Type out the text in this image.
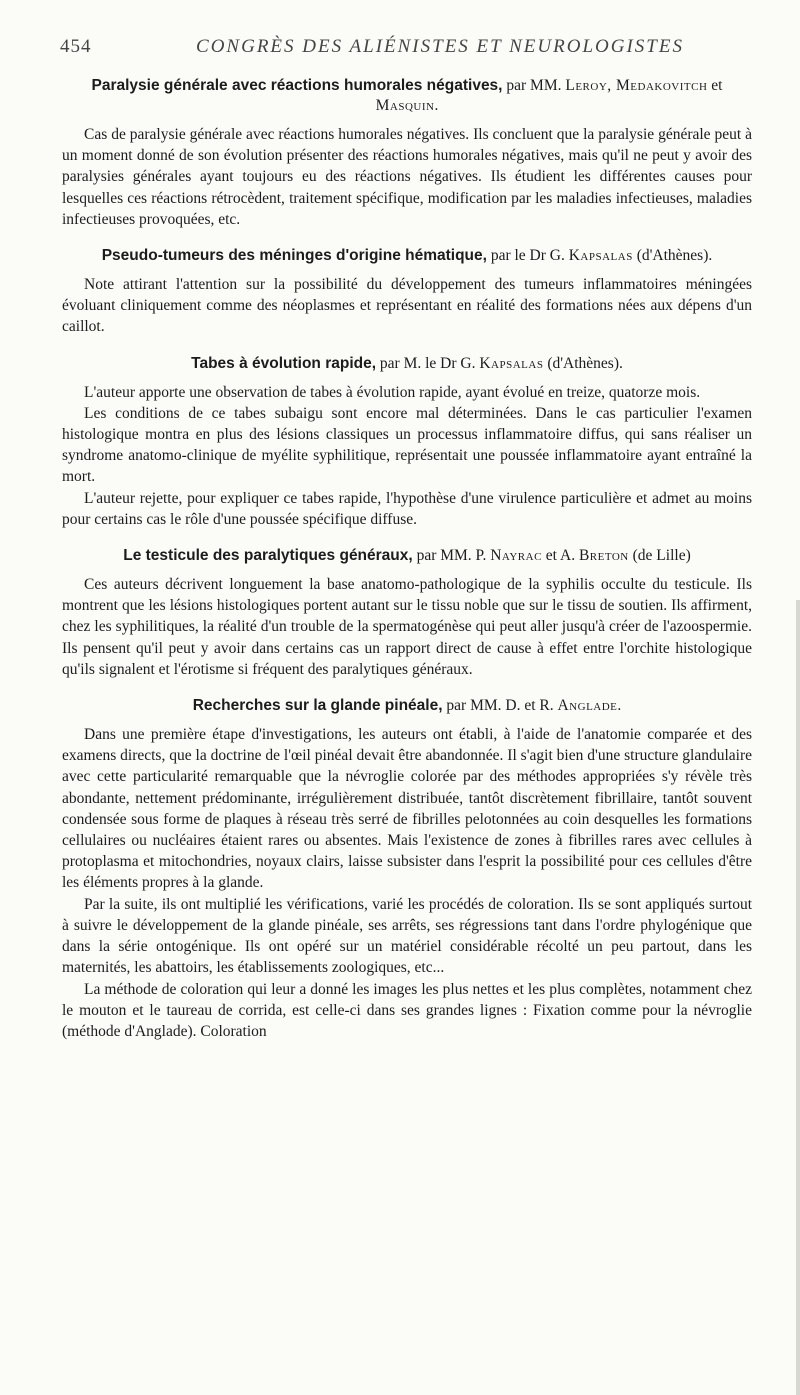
454	CONGRÈS DES ALIÉNISTES ET NEUROLOGISTES

Paralysie générale avec réactions humorales négatives, par MM. Leroy, Medakovitch et Masquin.

Cas de paralysie générale avec réactions humorales négatives. Ils concluent que la paralysie générale peut à un moment donné de son évolution présenter des réactions humorales négatives, mais qu'il ne peut y avoir des paralysies générales ayant toujours eu des réactions négatives. Ils étudient les différentes causes pour lesquelles ces réactions rétrocèdent, traitement spécifique, modification par les maladies infectieuses, maladies infectieuses provoquées, etc.

Pseudo-tumeurs des méninges d'origine hématique, par le Dr G. Kapsalas (d'Athènes).

Note attirant l'attention sur la possibilité du développement des tumeurs inflammatoires méningées évoluant cliniquement comme des néoplasmes et représentant en réalité des formations nées aux dépens d'un caillot.

Tabes à évolution rapide, par M. le Dr G. Kapsalas (d'Athènes).

L'auteur apporte une observation de tabes à évolution rapide, ayant évolué en treize, quatorze mois.

Les conditions de ce tabes subaigu sont encore mal déterminées. Dans le cas particulier l'examen histologique montra en plus des lésions classiques un processus inflammatoire diffus, qui sans réaliser un syndrome anatomo-clinique de myélite syphilitique, représentait une poussée inflammatoire ayant entraîné la mort.

L'auteur rejette, pour expliquer ce tabes rapide, l'hypothèse d'une virulence particulière et admet au moins pour certains cas le rôle d'une poussée spécifique diffuse.

Le testicule des paralytiques généraux, par MM. P. Nayrac et A. Breton (de Lille)

Ces auteurs décrivent longuement la base anatomo-pathologique de la syphilis occulte du testicule. Ils montrent que les lésions histologiques portent autant sur le tissu noble que sur le tissu de soutien. Ils affirment, chez les syphilitiques, la réalité d'un trouble de la spermatogénèse qui peut aller jusqu'à créer de l'azoospermie. Ils pensent qu'il peut y avoir dans certains cas un rapport direct de cause à effet entre l'orchite histologique qu'ils signalent et l'érotisme si fréquent des paralytiques généraux.

Recherches sur la glande pinéale, par MM. D. et R. Anglade.

Dans une première étape d'investigations, les auteurs ont établi, à l'aide de l'anatomie comparée et des examens directs, que la doctrine de l'œil pinéal devait être abandonnée. Il s'agit bien d'une structure glandulaire avec cette particularité remarquable que la névroglie colorée par des méthodes appropriées s'y révèle très abondante, nettement prédominante, irrégulièrement distribuée, tantôt discrètement fibrillaire, tantôt souvent condensée sous forme de plaques à réseau très serré de fibrilles pelotonnées au coin desquelles les formations cellulaires ou nucléaires étaient rares ou absentes. Mais l'existence de zones à fibrilles rares avec cellules à protoplasma et mitochondries, noyaux clairs, laisse subsister dans l'esprit la possibilité pour ces cellules d'être les éléments propres à la glande.

Par la suite, ils ont multiplié les vérifications, varié les procédés de coloration. Ils se sont appliqués surtout à suivre le développement de la glande pinéale, ses arrêts, ses régressions tant dans l'ordre phylogénique que dans la série ontogénique. Ils ont opéré sur un matériel considérable récolté un peu partout, dans les maternités, les abattoirs, les établissements zoologiques, etc...

La méthode de coloration qui leur a donné les images les plus nettes et les plus complètes, notamment chez le mouton et le taureau de corrida, est celle-ci dans ses grandes lignes : Fixation comme pour la névroglie (méthode d'Anglade). Coloration
